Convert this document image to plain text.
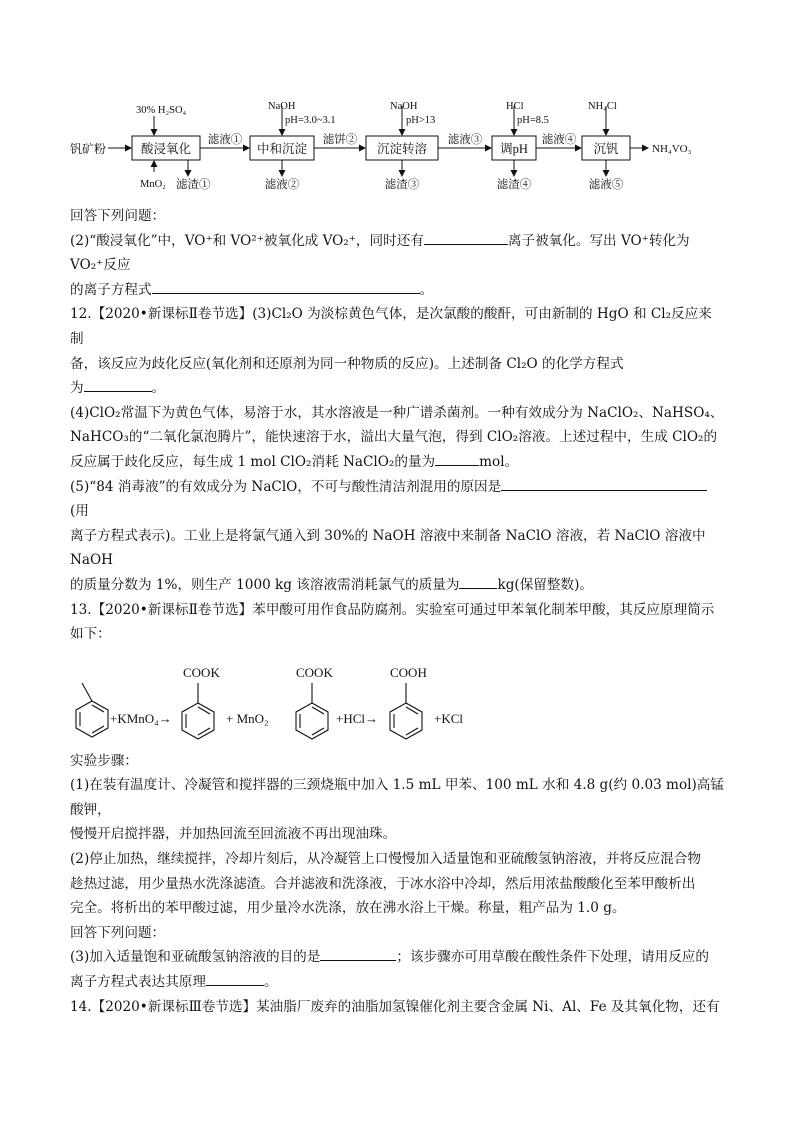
钒矿粉	NH₄VO₃
酸浸氧化	中和沉淀	沉淀转溶	调pH	沉钒
30% H₂SO₄	NaOH
pH=3.0~3.1
NaOH
pH>13
HCl
pH=8.5
NH₄Cl
MnO₂ 滤渣①	滤液②	滤渣③	滤渣④	滤液⑤
滤液①	滤饼②	滤液③	滤液④

回答下列问题：

(2)“酸浸氧化”中，VO⁺和 VO²⁺被氧化成 VO₂⁺，同时还有	离子被氧化。写出 VO⁺转化为 VO₂⁺反应

的离子方程式	。

12.【2020•新课标Ⅱ卷节选】(3)Cl₂O 为淡棕黄色气体，是次氯酸的酸酐，可由新制的 HgO 和 Cl₂反应来制

备，该反应为歧化反应(氧化剂和还原剂为同一种物质的反应)。上述制备 Cl₂O 的化学方程式

为	。

(4)ClO₂常温下为黄色气体，易溶于水，其水溶液是一种广谱杀菌剂。一种有效成分为 NaClO₂、NaHSO₄、

NaHCO₃的“二氧化氯泡腾片”，能快速溶于水，溢出大量气泡，得到 ClO₂溶液。上述过程中，生成 ClO₂的

反应属于歧化反应，每生成 1 mol ClO₂消耗 NaClO₂的量为	mol。

(5)“84 消毒液”的有效成分为 NaClO，不可与酸性清洁剂混用的原因是(用

离子方程式表示)。工业上是将氯气通入到 30%的 NaOH 溶液中来制备 NaClO 溶液，若 NaClO 溶液中 NaOH

的质量分数为 1%，则生产 1000 kg 该溶液需消耗氯气的质量为	kg(保留整数)。

13.【2020•新课标Ⅱ卷节选】苯甲酸可用作食品防腐剂。实验室可通过甲苯氧化制苯甲酸，其反应原理简示

如下：

+KMnO₄→
COOK
+ MnO₂
COOK
+HCl→
COOH
+KCl

实验步骤：

(1)在装有温度计、冷凝管和搅拌器的三颈烧瓶中加入 1.5 mL 甲苯、100 mL 水和 4.8 g(约 0.03 mol)高锰酸钾，

慢慢开启搅拌器，并加热回流至回流液不再出现油珠。

(2)停止加热，继续搅拌，冷却片刻后，从冷凝管上口慢慢加入适量饱和亚硫酸氢钠溶液，并将反应混合物

趁热过滤，用少量热水洗涤滤渣。合并滤液和洗涤液，于冰水浴中冷却，然后用浓盐酸酸化至苯甲酸析出

完全。将析出的苯甲酸过滤，用少量冷水洗涤，放在沸水浴上干燥。称量，粗产品为 1.0 g。

回答下列问题：

(3)加入适量饱和亚硫酸氢钠溶液的目的是	；该步骤亦可用草酸在酸性条件下处理，请用反应的

离子方程式表达其原理	。

14.【2020•新课标Ⅲ卷节选】某油脂厂废弃的油脂加氢镍催化剂主要含金属 Ni、Al、Fe 及其氧化物，还有
